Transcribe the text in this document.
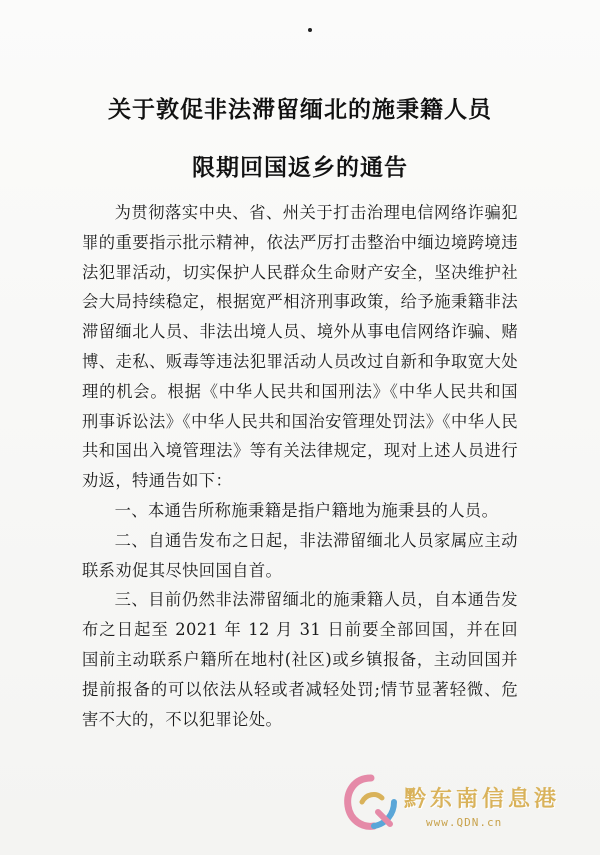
关于敦促非法滞留缅北的施秉籍人员
限期回国返乡的通告

为贯彻落实中央、省、州关于打击治理电信网络诈骗犯罪的重要指示批示精神，依法严厉打击整治中缅边境跨境违法犯罪活动，切实保护人民群众生命财产安全，坚决维护社会大局持续稳定，根据宽严相济刑事政策，给予施秉籍非法滞留缅北人员、非法出境人员、境外从事电信网络诈骗、赌博、走私、贩毒等违法犯罪活动人员改过自新和争取宽大处理的机会。根据《中华人民共和国刑法》《中华人民共和国刑事诉讼法》《中华人民共和国治安管理处罚法》《中华人民共和国出入境管理法》等有关法律规定，现对上述人员进行劝返，特通告如下：

一、本通告所称施秉籍是指户籍地为施秉县的人员。

二、自通告发布之日起，非法滞留缅北人员家属应主动联系劝促其尽快回国自首。

三、目前仍然非法滞留缅北的施秉籍人员，自本通告发布之日起至 2021 年 12 月 31 日前要全部回国，并在回国前主动联系户籍所在地村(社区)或乡镇报备，主动回国并提前报备的可以依法从轻或者减轻处罚;情节显著轻微、危害不大的，不以犯罪论处。

黔东南信息港
www.QDN.cn
